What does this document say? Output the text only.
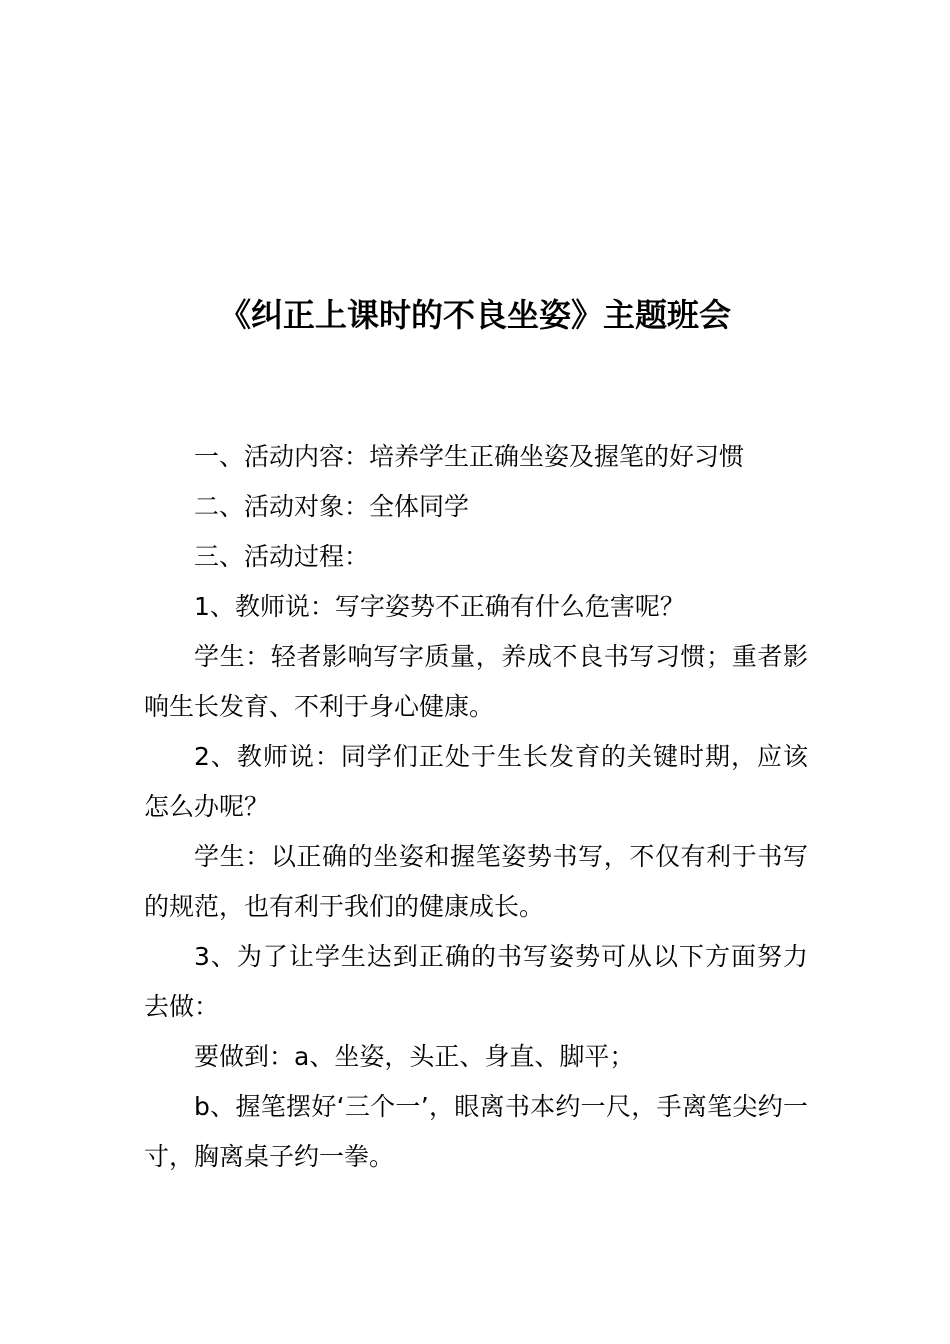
《纠正上课时的不良坐姿》主题班会

一、活动内容：培养学生正确坐姿及握笔的好习惯

二、活动对象：全体同学

三、活动过程：

1、教师说：写字姿势不正确有什么危害呢？

学生：轻者影响写字质量，养成不良书写习惯；重者影响生长发育、不利于身心健康。

2、教师说：同学们正处于生长发育的关键时期，应该怎么办呢？

学生：以正确的坐姿和握笔姿势书写，不仅有利于书写的规范，也有利于我们的健康成长。

3、为了让学生达到正确的书写姿势可从以下方面努力去做：

要做到：a、坐姿，头正、身直、脚平；

b、握笔摆好‘三个一’，眼离书本约一尺，手离笔尖约一寸，胸离桌子约一拳。
